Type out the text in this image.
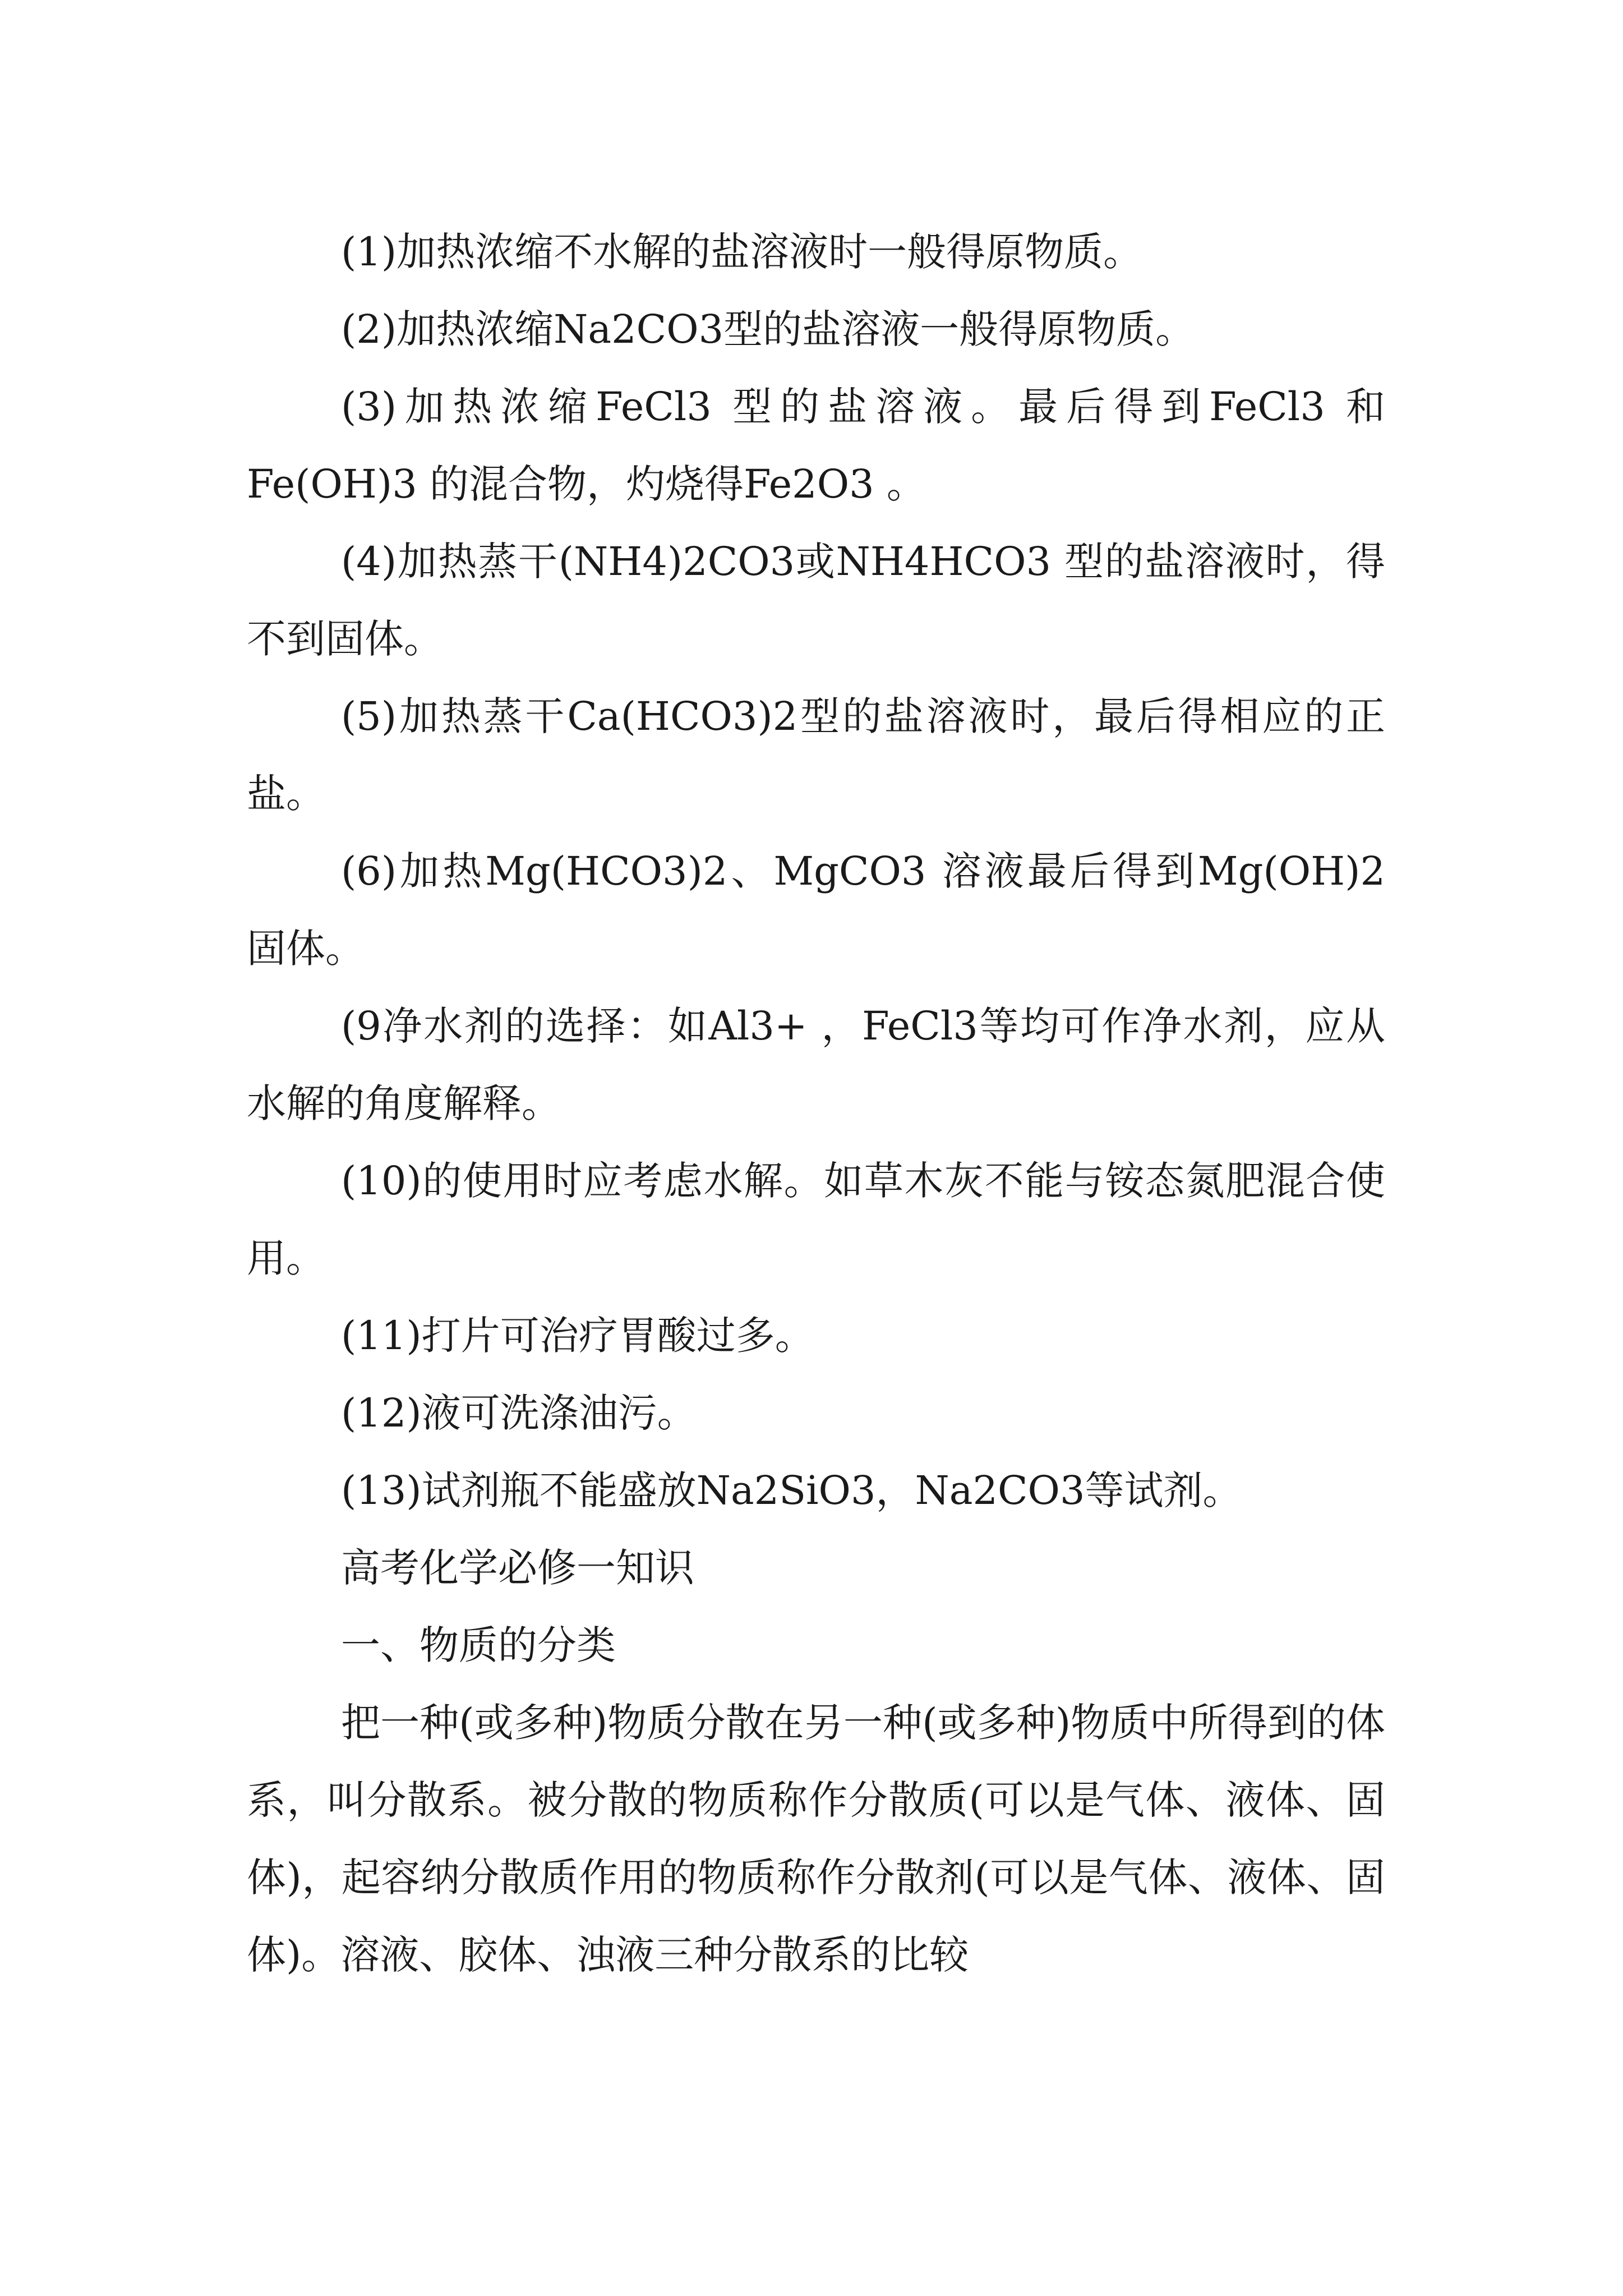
(1)加热浓缩不水解的盐溶液时一般得原物质。

(2)加热浓缩Na2CO3型的盐溶液一般得原物质。

(3)加热浓缩FeCl3 型的盐溶液。最后得到FeCl3 和Fe(OH)3 的混合物，灼烧得Fe2O3 。

(4)加热蒸干(NH4)2CO3或NH4HCO3 型的盐溶液时，得不到固体。

(5)加热蒸干Ca(HCO3)2型的盐溶液时，最后得相应的正盐。

(6)加热Mg(HCO3)2、MgCO3 溶液最后得到Mg(OH)2 固体。

(9净水剂的选择：如Al3+ ，FeCl3等均可作净水剂，应从水解的角度解释。

(10)的使用时应考虑水解。如草木灰不能与铵态氮肥混合使用。

(11)打片可治疗胃酸过多。

(12)液可洗涤油污。

(13)试剂瓶不能盛放Na2SiO3，Na2CO3等试剂。

高考化学必修一知识

一、物质的分类

把一种(或多种)物质分散在另一种(或多种)物质中所得到的体系，叫分散系。被分散的物质称作分散质(可以是气体、液体、固体)，起容纳分散质作用的物质称作分散剂(可以是气体、液体、固体)。溶液、胶体、浊液三种分散系的比较
